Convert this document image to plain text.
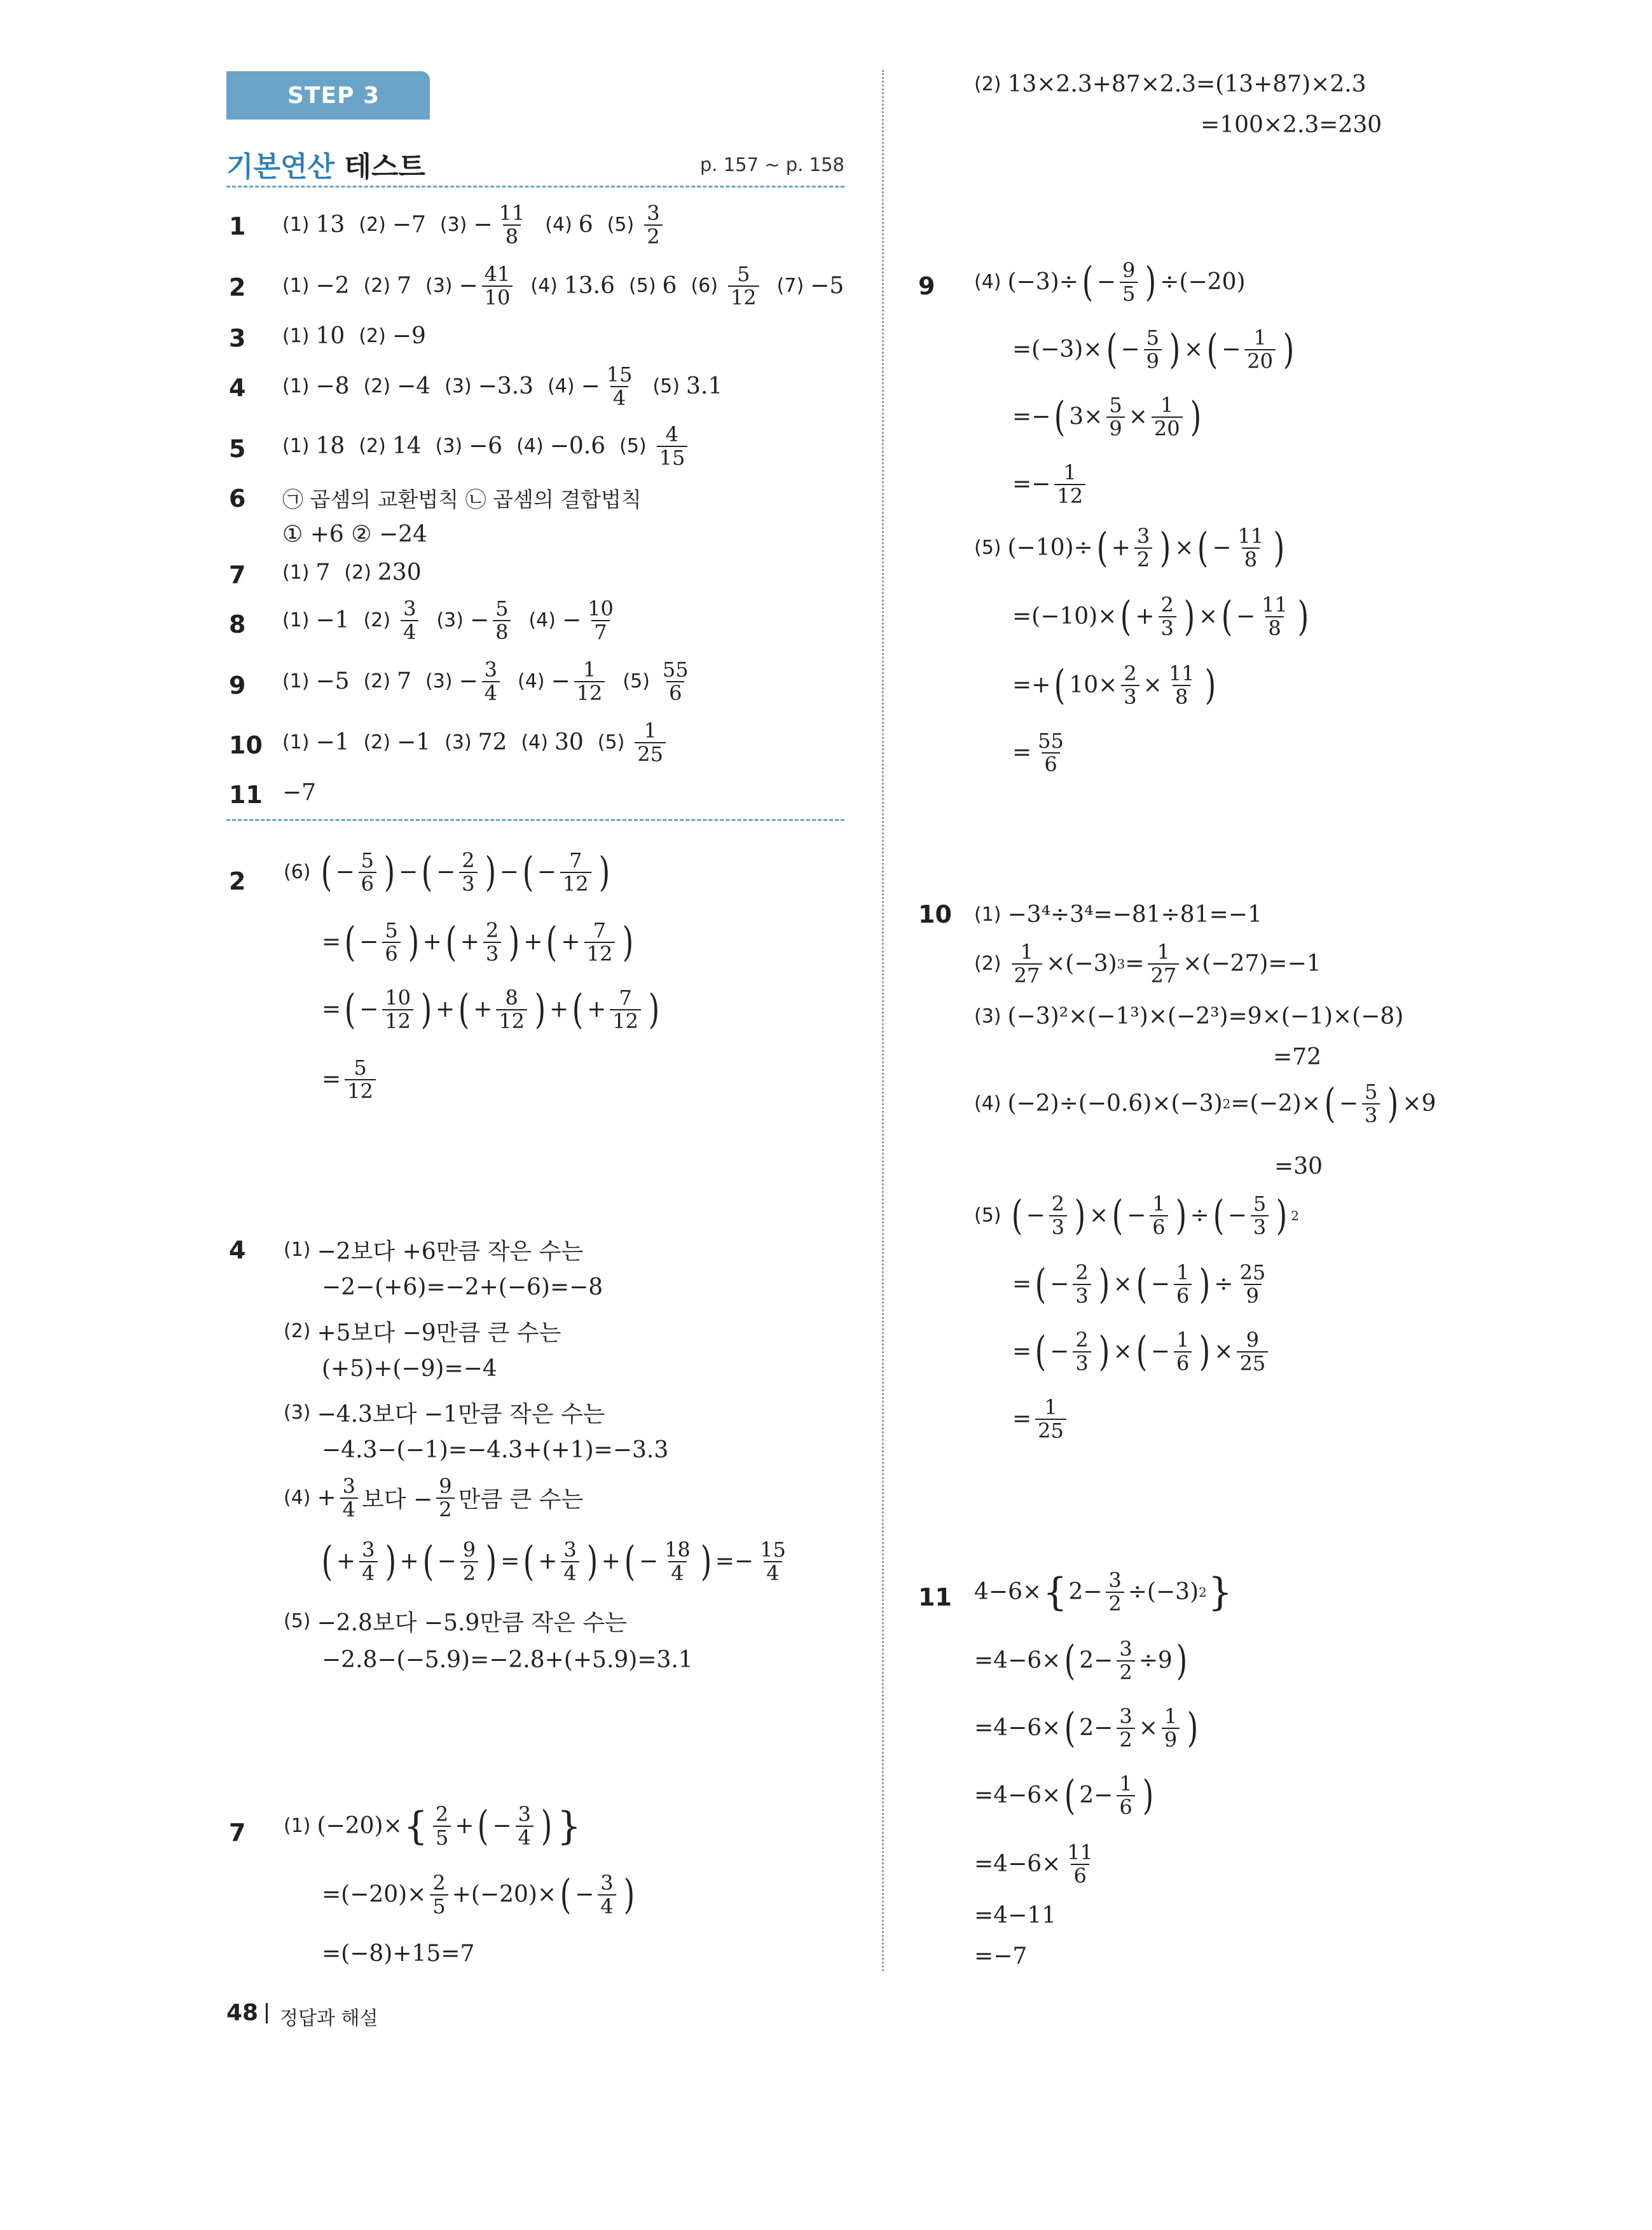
STEP 3
기본연산 테스트	p. 157 ~ p. 158
1 (1) 13 (2) −7 $(3) - \frac{11}{8} (4)$ 6 $(5) \frac{3}{2}$
2 (1) −2 (2) 7 $(3) - \frac{41}{10} (4)$ 13.6 (5) 6 $(6) \frac{5}{12} (7) -5$
3 (1) 10 (2) −9
4 (1) −8 (2) −4 (3) −3.3 $(4) - \frac{15}{4} (5)$ 3.1
5 (1) 18 (2) 14 (3) −6 (4) −0.6 $(5) \frac{4}{15}$
6 ㉠ 곱셈의 교환법칙 ㉡ 곱셈의 결합법칙
① +6 ② −24
7 (1) 7 (2) 230
8 (1) −1 $(2) \frac{3}{4} (3) - \frac{5}{8} (4) - \frac{10}{7}$
9 (1) −5 (2) 7 $(3) - \frac{3}{4} (4) - \frac{1}{12} (5) \frac{55}{6}$
10 (1) −1 (2) −1 (3) 72 (4) 30 $(5) \frac{1}{25}$
11 −7
2 (6) ( − $\frac{5}{6}$ ) − ( − $\frac{2}{3}$ ) − ( − $\frac{7}{12}$ )
= ( − $\frac{5}{6}$ ) + ( + $\frac{2}{3}$ ) + ( + $\frac{7}{12}$ )
= ( − $\frac{10}{12}$ ) + ( + $\frac{8}{12}$ ) + ( + $\frac{7}{12}$ )
= $\frac{5}{12}$
4 (1) −2보다 +6만큼 작은 수는
−2−(+6)=−2+(−6)=−8
(2) +5보다 −9만큼 큰 수는
(+5)+(−9)=−4
(3) −4.3보다 −1만큼 작은 수는
−4.3−(−1)=−4.3+(+1)=−3.3
$(4) + \frac{3}{4}$ 보다 − $\frac{9}{2}$ 만큼 큰 수는
( + $\frac{3}{4}$ ) + ( − $\frac{9}{2}$ ) = ( + $\frac{3}{4}$ ) + ( − $\frac{18}{4}$ ) =− $\frac{15}{4}$
(5) −2.8보다 −5.9만큼 작은 수는
−2.8−(−5.9)=−2.8+(+5.9)=3.1
7 (1) (−20)× { $\frac{2}{5}$ + ( − $\frac{3}{4}$ ) }
$=(-20)\times \frac{2}{5} +(-20)\times$ ( − $\frac{3}{4}$ )
=(−8)+15=7
(2) 13×2.3+87×2.3=(13+87)×2.3
=100×2.3=230
9 (4) (−3)÷ ( − $\frac{9}{5}$ ) ÷(−20)
=(−3)× ( − $\frac{5}{9}$ ) × ( − $\frac{1}{20}$ )
=− ( $3\times \frac{5}{9} \times \frac{1}{20}$ )
=− $\frac{1}{12}$
(5) (−10)÷ ( + $\frac{3}{2}$ ) × ( − $\frac{11}{8}$ )
=(−10)× ( + $\frac{2}{3}$ ) × ( − $\frac{11}{8}$ )
=+ ( $10\times \frac{2}{3} \times \frac{11}{8}$ )
= $\frac{55}{6}$
10 (1) −3⁴÷3⁴=−81÷81=−1
$(2) \frac{1}{27} \times(-3) 3 = \frac{1}{27} \times(-27)=-1$
(3) (−3)²×(−1³)×(−2³)=9×(−1)×(−8)
=72
(4) (−2)÷(−0.6)×(−3) 2 =(−2)× ( − $\frac{5}{3}$ ) ×9
=30
(5) ( − $\frac{2}{3}$ ) × ( − $\frac{1}{6}$ ) ÷ ( − $\frac{5}{3}$ ) 2
= ( − $\frac{2}{3}$ ) × ( − $\frac{1}{6}$ ) ÷ $\frac{25}{9}$
= ( − $\frac{2}{3}$ ) × ( − $\frac{1}{6}$ ) × $\frac{9}{25}$
= $\frac{1}{25}$
11 4−6× { $2- \frac{3}{2} \div(-3)$ 2 }
=4−6× ( $2- \frac{3}{2} \div 9$ )
=4−6× ( $2- \frac{3}{2} \times \frac{1}{9}$ )
=4−6× ( $2- \frac{1}{6}$ )
$=4-6\times \frac{11}{6}$
=4−11
=−7
48 정답과 해설
